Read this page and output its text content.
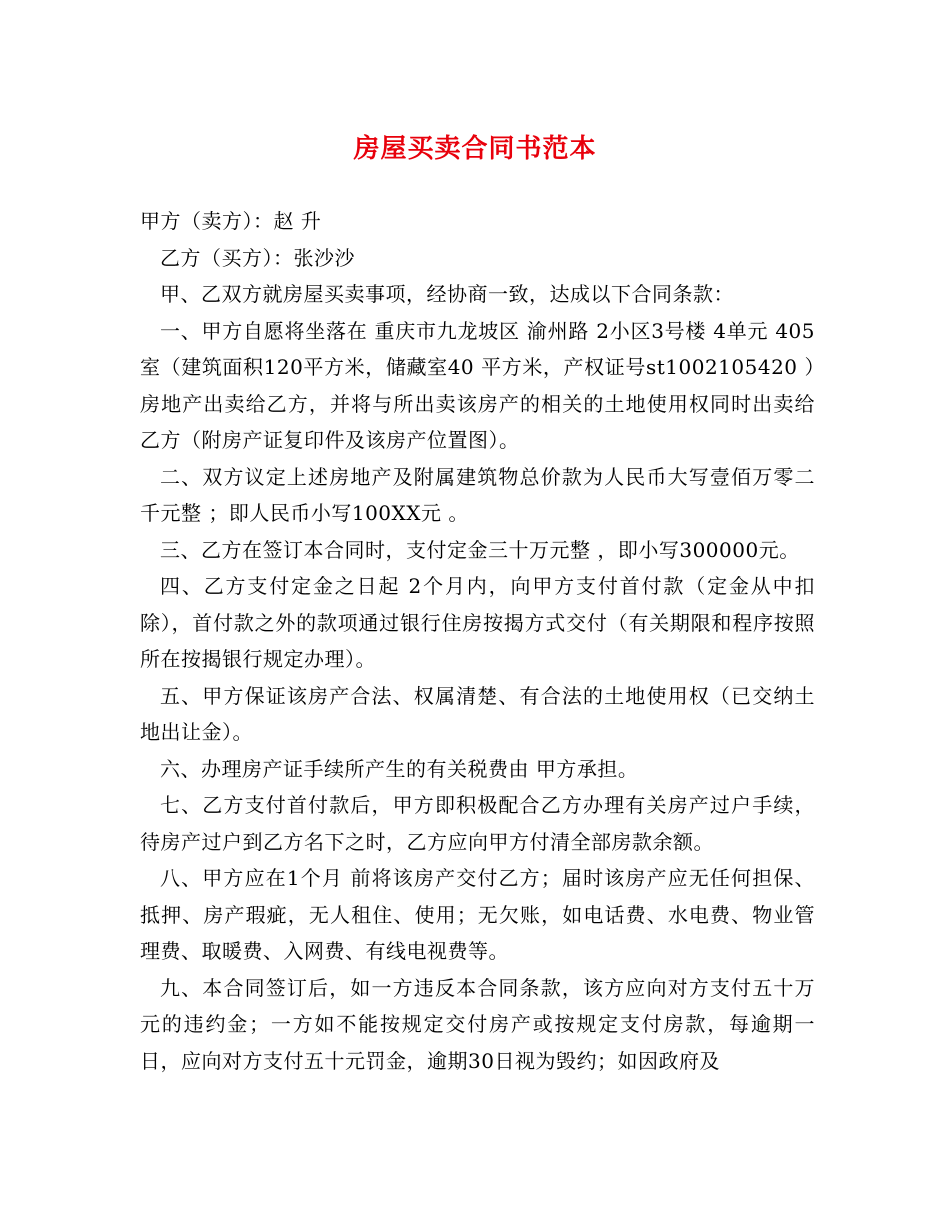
房屋买卖合同书范本

甲方（卖方）：赵 升

乙方（买方）：张沙沙

甲、乙双方就房屋买卖事项，经协商一致，达成以下合同条款：

一、甲方自愿将坐落在 重庆市九龙坡区 渝州路 2小区3号楼 4单元 405室（建筑面积120平方米，储藏室40 平方米，产权证号st1002105420 ）房地产出卖给乙方，并将与所出卖该房产的相关的土地使用权同时出卖给乙方（附房产证复印件及该房产位置图）。

二、双方议定上述房地产及附属建筑物总价款为人民币大写壹佰万零二千元整 ；即人民币小写100XX元 。

三、乙方在签订本合同时，支付定金三十万元整 ，即小写300000元。

四、乙方支付定金之日起 2个月内，向甲方支付首付款（定金从中扣除），首付款之外的款项通过银行住房按揭方式交付（有关期限和程序按照所在按揭银行规定办理）。

五、甲方保证该房产合法、权属清楚、有合法的土地使用权（已交纳土地出让金）。

六、办理房产证手续所产生的有关税费由 甲方承担。

七、乙方支付首付款后，甲方即积极配合乙方办理有关房产过户手续，待房产过户到乙方名下之时，乙方应向甲方付清全部房款余额。

八、甲方应在1个月 前将该房产交付乙方；届时该房产应无任何担保、抵押、房产瑕疵，无人租住、使用；无欠账，如电话费、水电费、物业管理费、取暖费、入网费、有线电视费等。

九、本合同签订后，如一方违反本合同条款，该方应向对方支付五十万 元的违约金；一方如不能按规定交付房产或按规定支付房款，每逾期一日，应向对方支付五十元罚金，逾期30日视为毁约；如因政府及
